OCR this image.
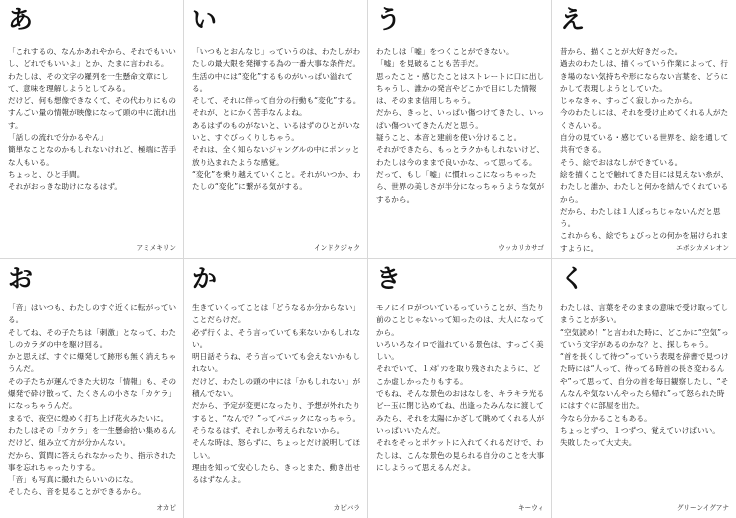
あ

「これするの、なんかあれやから、それでもいいし、どれでもいいよ」とか、たまに言われる。

わたしは、その文字の羅列を一生懸命文章にして、意味を理解しようとしてみる。

だけど、何も想像できなくて、その代わりにものすんごい量の情報が映像になって頭の中に流れ出す。

「話しの流れで分かるやん」

簡単なことなのかもしれないけれど、極端に苦手な人もいる。

ちょっと、ひと手間。

それがおっきな助けになるはず。

アミメキリン
い

「いつもとおんなじ」っていうのは、わたしがわたしの最大限を発揮する為の一番大事な条件だ。

生活の中には“変化”するものがいっぱい溢れてる。

そして、それに伴って自分の行動も“変化”する。

それが、とにかく苦手なんよね。

あるはずのものがないと、いるはずのひとがいないと、すぐびっくりしちゃう。

それは、全く知らないジャングルの中にポンッと放り込まれたような感覚。

“変化”を乗り越えていくこと。それがいつか、わたしの“変化”に繋がる気がする。

インドクジャク
う

わたしは「嘘」をつくことができない。

「嘘」を見破ることも苦手だ。

思ったこと・感じたことはストレートに口に出しちゃうし、誰かの発言やどこかで目にした情報は、そのまま信用しちゃう。

だから、きっと、いっぱい傷つけてきたし、いっぱい傷ついてきたんだと思う。

疑うこと、本音と建前を使い分けること。

それができたら、もっとラクかもしれないけど、わたしは今のままで良いかな、って思ってる。

だって、もし「嘘」に慣れっこになっちゃったら、世界の美しさが半分になっちゃうような気がするから。

ウッカリカサゴ
え

昔から、描くことが大好きだった。

過去のわたしは、描くっていう作業によって、行き場のない気持ちや形にならない言葉を、どうにかして表現しようとしていた。

じゃなきゃ、すっごく寂しかったから。

今のわたしには、それを受け止めてくれる人がたくさんいる。

自分の見ている・感じている世界を、絵を通して共有できる。

そう、絵でおはなしができている。

絵を描くことで触れてきた目には見えない糸が、わたしと誰か、わたしと何かを結んでくれているから。

だから、わたしは１人ぼっちじゃないんだと思う。

これからも、絵でちょびっとの何かを届けられますように。	エボシカメレオン
お

「音」はいつも、わたしのすぐ近くに転がっている。

そしてね、その子たちは「刺激」となって、わたしのカラダの中を駆け回る。

かと思えば、すぐに爆発して跡形も無く消えちゃうんだ。

その子たちが運んできた大切な「情報」も、その爆発で砕け散って、たくさんの小さな「カケラ」になっちゃうんだ。

まるで、夜空に煌めく打ち上げ花火みたいに。

わたしはその「カケラ」を一生懸命拾い集めるんだけど、組み立て方が分かんない。

だから、質問に答えられなかったり、指示された事を忘れちゃったりする。

「音」も写真に撮れたらいいのにな。

そしたら、音を見ることができるから。

オカピ
か

生きていくってことは「どうなるか分からない」ことだらけだ。

必ず行くよ、そう言っていても来ないかもしれない。

明日話そうね、そう言っていても会えないかもしれない。

だけど、わたしの頭の中には「かもしれない」が積んでない。

だから、予定が変更になったり、予想が外れたりすると、“なんで？”ってパニックになっちゃう。

そうなるはず、それしか考えられないから。

そんな時は、怒らずに、ちょっとだけ説明してほしい。

理由を知って安心したら、きっとまた、動き出せるはずなんよ。

カピバラ
き

モノにイロがついているっていうことが、当たり前のことじゃないって知ったのは、大人になってから。

いろいろなイロで溢れている景色は、すっごく美しい。

それでいて、１ﾒﾎﾟｿﾝを取り残されたように、どこか虚しかったりもする。

でもね、そんな景色のおはなしを、キラキラ光るビー玉に閉じ込めてね、出逢ったみんなに渡してみたら、それを太陽にかざして眺めてくれる人がいっぱいいたんだ。

それをそっとポケットに入れてくれるだけで、わたしは、こんな景色の見られる自分のことを大事にしようって思えるんだよ。

キーウィ
く

わたしは、言葉をそのままの意味で受け取ってしまうことが多い。

“空気読め！”と言われた時に、どこかに“空気”っていう文字があるのかな？と、探しちゃう。

“首を長くして待つ”っていう表現を辞書で見つけた時には“人って、待ってる時首の長さ変わるんや”って思って、自分の首を毎日観察したし、“そんなんや気ないんやったら帰れ”って怒られた時にはすぐに部屋を出た。

今なら分かることもある。

ちょっとずつ、１つずつ、覚えていけばいい。

失敗したって大丈夫。

グリーンイグアナ
